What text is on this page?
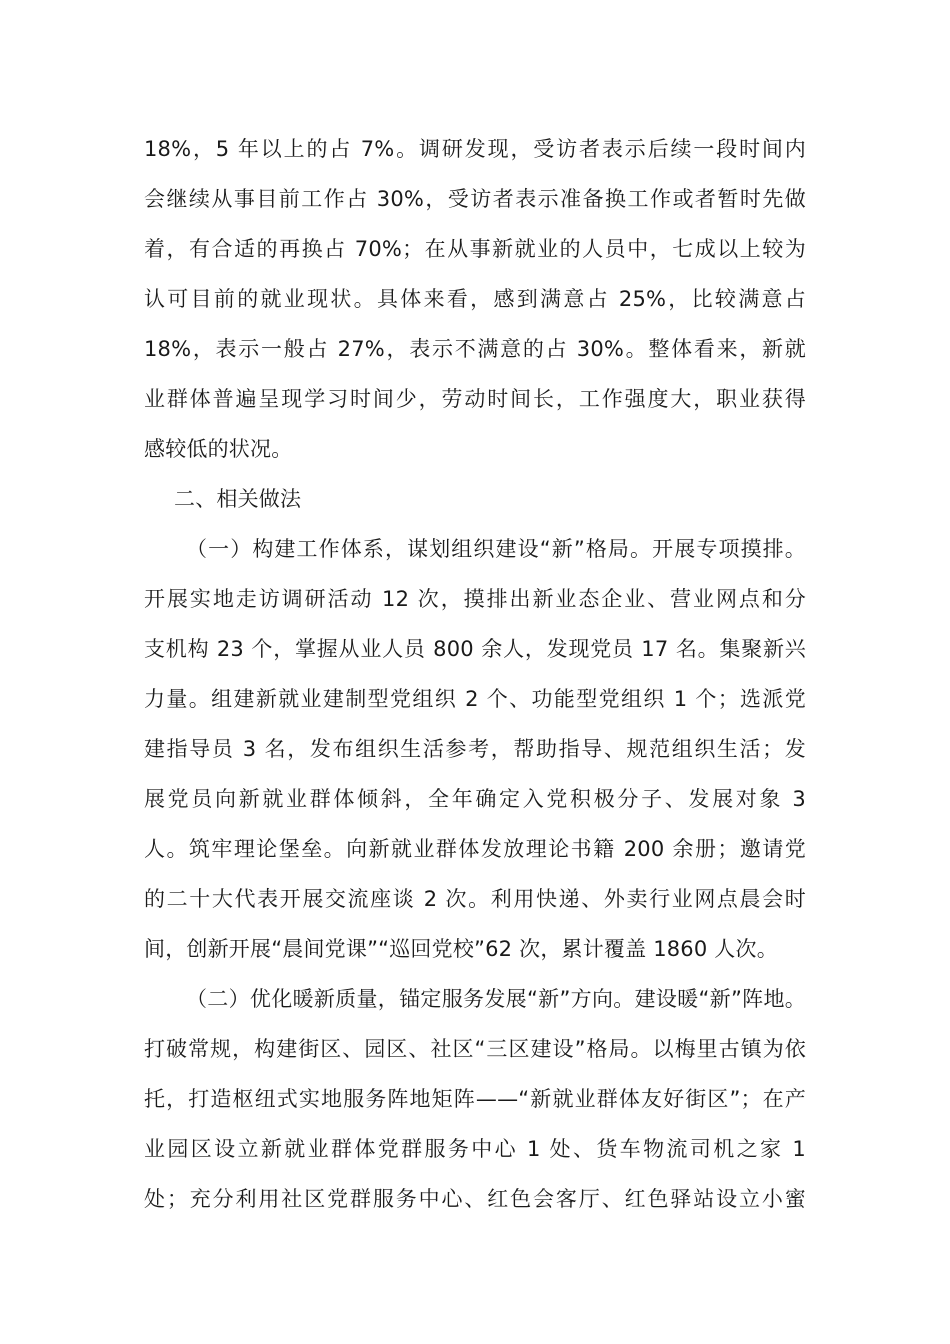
18%，5 年以上的占 7%。调研发现，受访者表示后续一段时间内
会继续从事目前工作占 30%，受访者表示准备换工作或者暂时先做
着，有合适的再换占 70%；在从事新就业的人员中，七成以上较为
认可目前的就业现状。具体来看，感到满意占 25%，比较满意占
18%，表示一般占 27%，表示不满意的占 30%。整体看来，新就
业群体普遍呈现学习时间少，劳动时间长，工作强度大，职业获得
感较低的状况。
二、相关做法
（一）构建工作体系，谋划组织建设“新”格局。开展专项摸排。
开展实地走访调研活动 12 次，摸排出新业态企业、营业网点和分
支机构 23 个，掌握从业人员 800 余人，发现党员 17 名。集聚新兴
力量。组建新就业建制型党组织 2 个、功能型党组织 1 个；选派党
建指导员 3 名，发布组织生活参考，帮助指导、规范组织生活；发
展党员向新就业群体倾斜，全年确定入党积极分子、发展对象 3
人。筑牢理论堡垒。向新就业群体发放理论书籍 200 余册；邀请党
的二十大代表开展交流座谈 2 次。利用快递、外卖行业网点晨会时
间，创新开展“晨间党课”“巡回党校”62 次，累计覆盖 1860 人次。
（二）优化暖新质量，锚定服务发展“新”方向。建设暖“新”阵地。
打破常规，构建街区、园区、社区“三区建设”格局。以梅里古镇为依
托，打造枢纽式实地服务阵地矩阵——“新就业群体友好街区”；在产
业园区设立新就业群体党群服务中心 1 处、货车物流司机之家 1
处；充分利用社区党群服务中心、红色会客厅、红色驿站设立小蜜
